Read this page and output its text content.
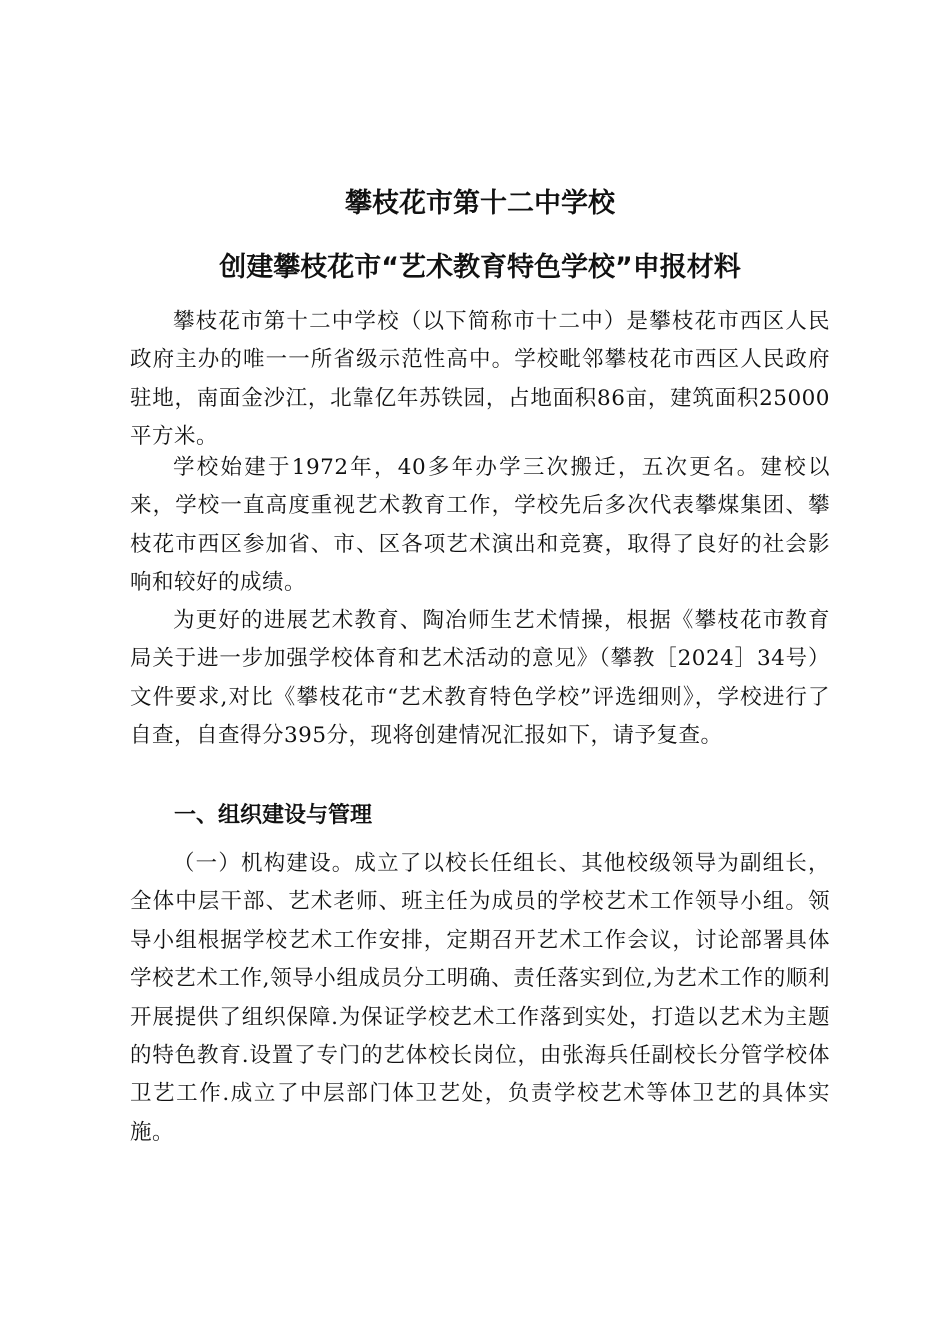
攀枝花市第十二中学校
创建攀枝花市“艺术教育特色学校”申报材料

攀枝花市第十二中学校（以下简称市十二中）是攀枝花市西区人民政府主办的唯一一所省级示范性高中。学校毗邻攀枝花市西区人民政府驻地，南面金沙江，北靠亿年苏铁园，占地面积86亩，建筑面积25000平方米。

学校始建于1972年，40多年办学三次搬迁，五次更名。建校以来，学校一直高度重视艺术教育工作，学校先后多次代表攀煤集团、攀枝花市西区参加省、市、区各项艺术演出和竞赛，取得了良好的社会影响和较好的成绩。

为更好的进展艺术教育、陶冶师生艺术情操，根据《攀枝花市教育局关于进一步加强学校体育和艺术活动的意见》（攀教［2024］34号）文件要求,对比《攀枝花市“艺术教育特色学校”评选细则》，学校进行了自查，自查得分395分，现将创建情况汇报如下，请予复查。

一、组织建设与管理

（一）机构建设。成立了以校长任组长、其他校级领导为副组长，全体中层干部、艺术老师、班主任为成员的学校艺术工作领导小组。领导小组根据学校艺术工作安排，定期召开艺术工作会议，讨论部署具体学校艺术工作,领导小组成员分工明确、责任落实到位,为艺术工作的顺利开展提供了组织保障.为保证学校艺术工作落到实处，打造以艺术为主题的特色教育.设置了专门的艺体校长岗位，由张海兵任副校长分管学校体卫艺工作.成立了中层部门体卫艺处，负责学校艺术等体卫艺的具体实施。
